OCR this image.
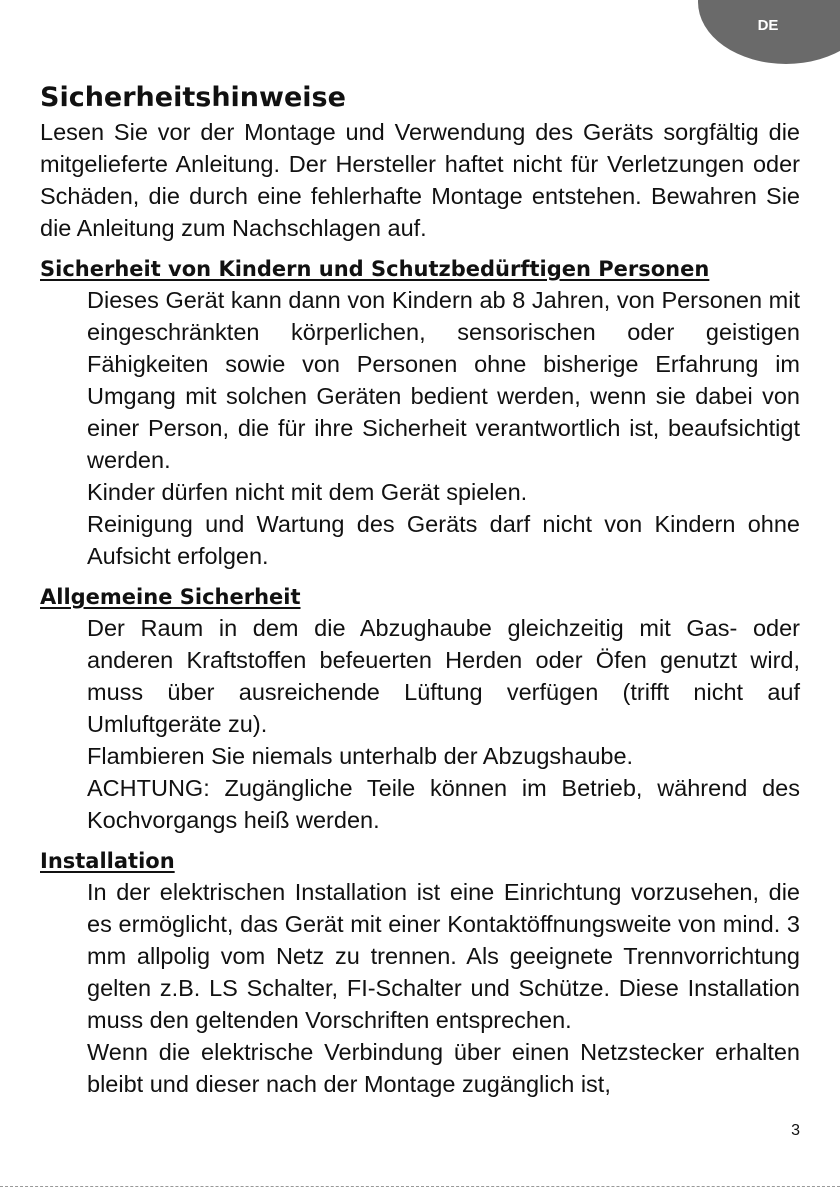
DE
Sicherheitshinweise

Lesen Sie vor der Montage und Verwendung des Geräts sorgfältig die mitgelieferte Anleitung. Der Hersteller haftet nicht für Verletzungen oder Schäden, die durch eine fehlerhafte Montage entstehen. Bewahren Sie die Anleitung zum Nachschlagen auf.

Sicherheit von Kindern und Schutzbedürftigen Personen

Dieses Gerät kann dann von Kindern ab 8 Jahren, von Personen mit eingeschränkten körperlichen, sensorischen oder geistigen Fähigkeiten sowie von Personen ohne bisherige Erfahrung im Umgang mit solchen Geräten bedient werden, wenn sie dabei von einer Person, die für ihre Sicherheit verantwortlich ist, beaufsichtigt werden.

Kinder dürfen nicht mit dem Gerät spielen.

Reinigung und Wartung des Geräts darf nicht von Kindern ohne Aufsicht erfolgen.

Allgemeine Sicherheit

Der Raum in dem die Abzughaube gleichzeitig mit Gas- oder anderen Kraftstoffen befeuerten Herden oder Öfen genutzt wird, muss über ausreichende Lüftung verfügen (trifft nicht auf Umluftgeräte zu).

Flambieren Sie niemals unterhalb der Abzugshaube.

ACHTUNG: Zugängliche Teile können im Betrieb, während des Kochvorgangs heiß werden.

Installation

In der elektrischen Installation ist eine Einrichtung vorzusehen, die es ermöglicht, das Gerät mit einer Kontaktöffnungsweite von mind. 3 mm allpolig vom Netz zu trennen. Als geeignete Trennvorrichtung gelten z.B. LS Schalter, FI-Schalter und Schütze. Diese Installation muss den geltenden Vorschriften entsprechen.

Wenn die elektrische Verbindung über einen Netzstecker erhalten bleibt und dieser nach der Montage zugänglich ist,

3
